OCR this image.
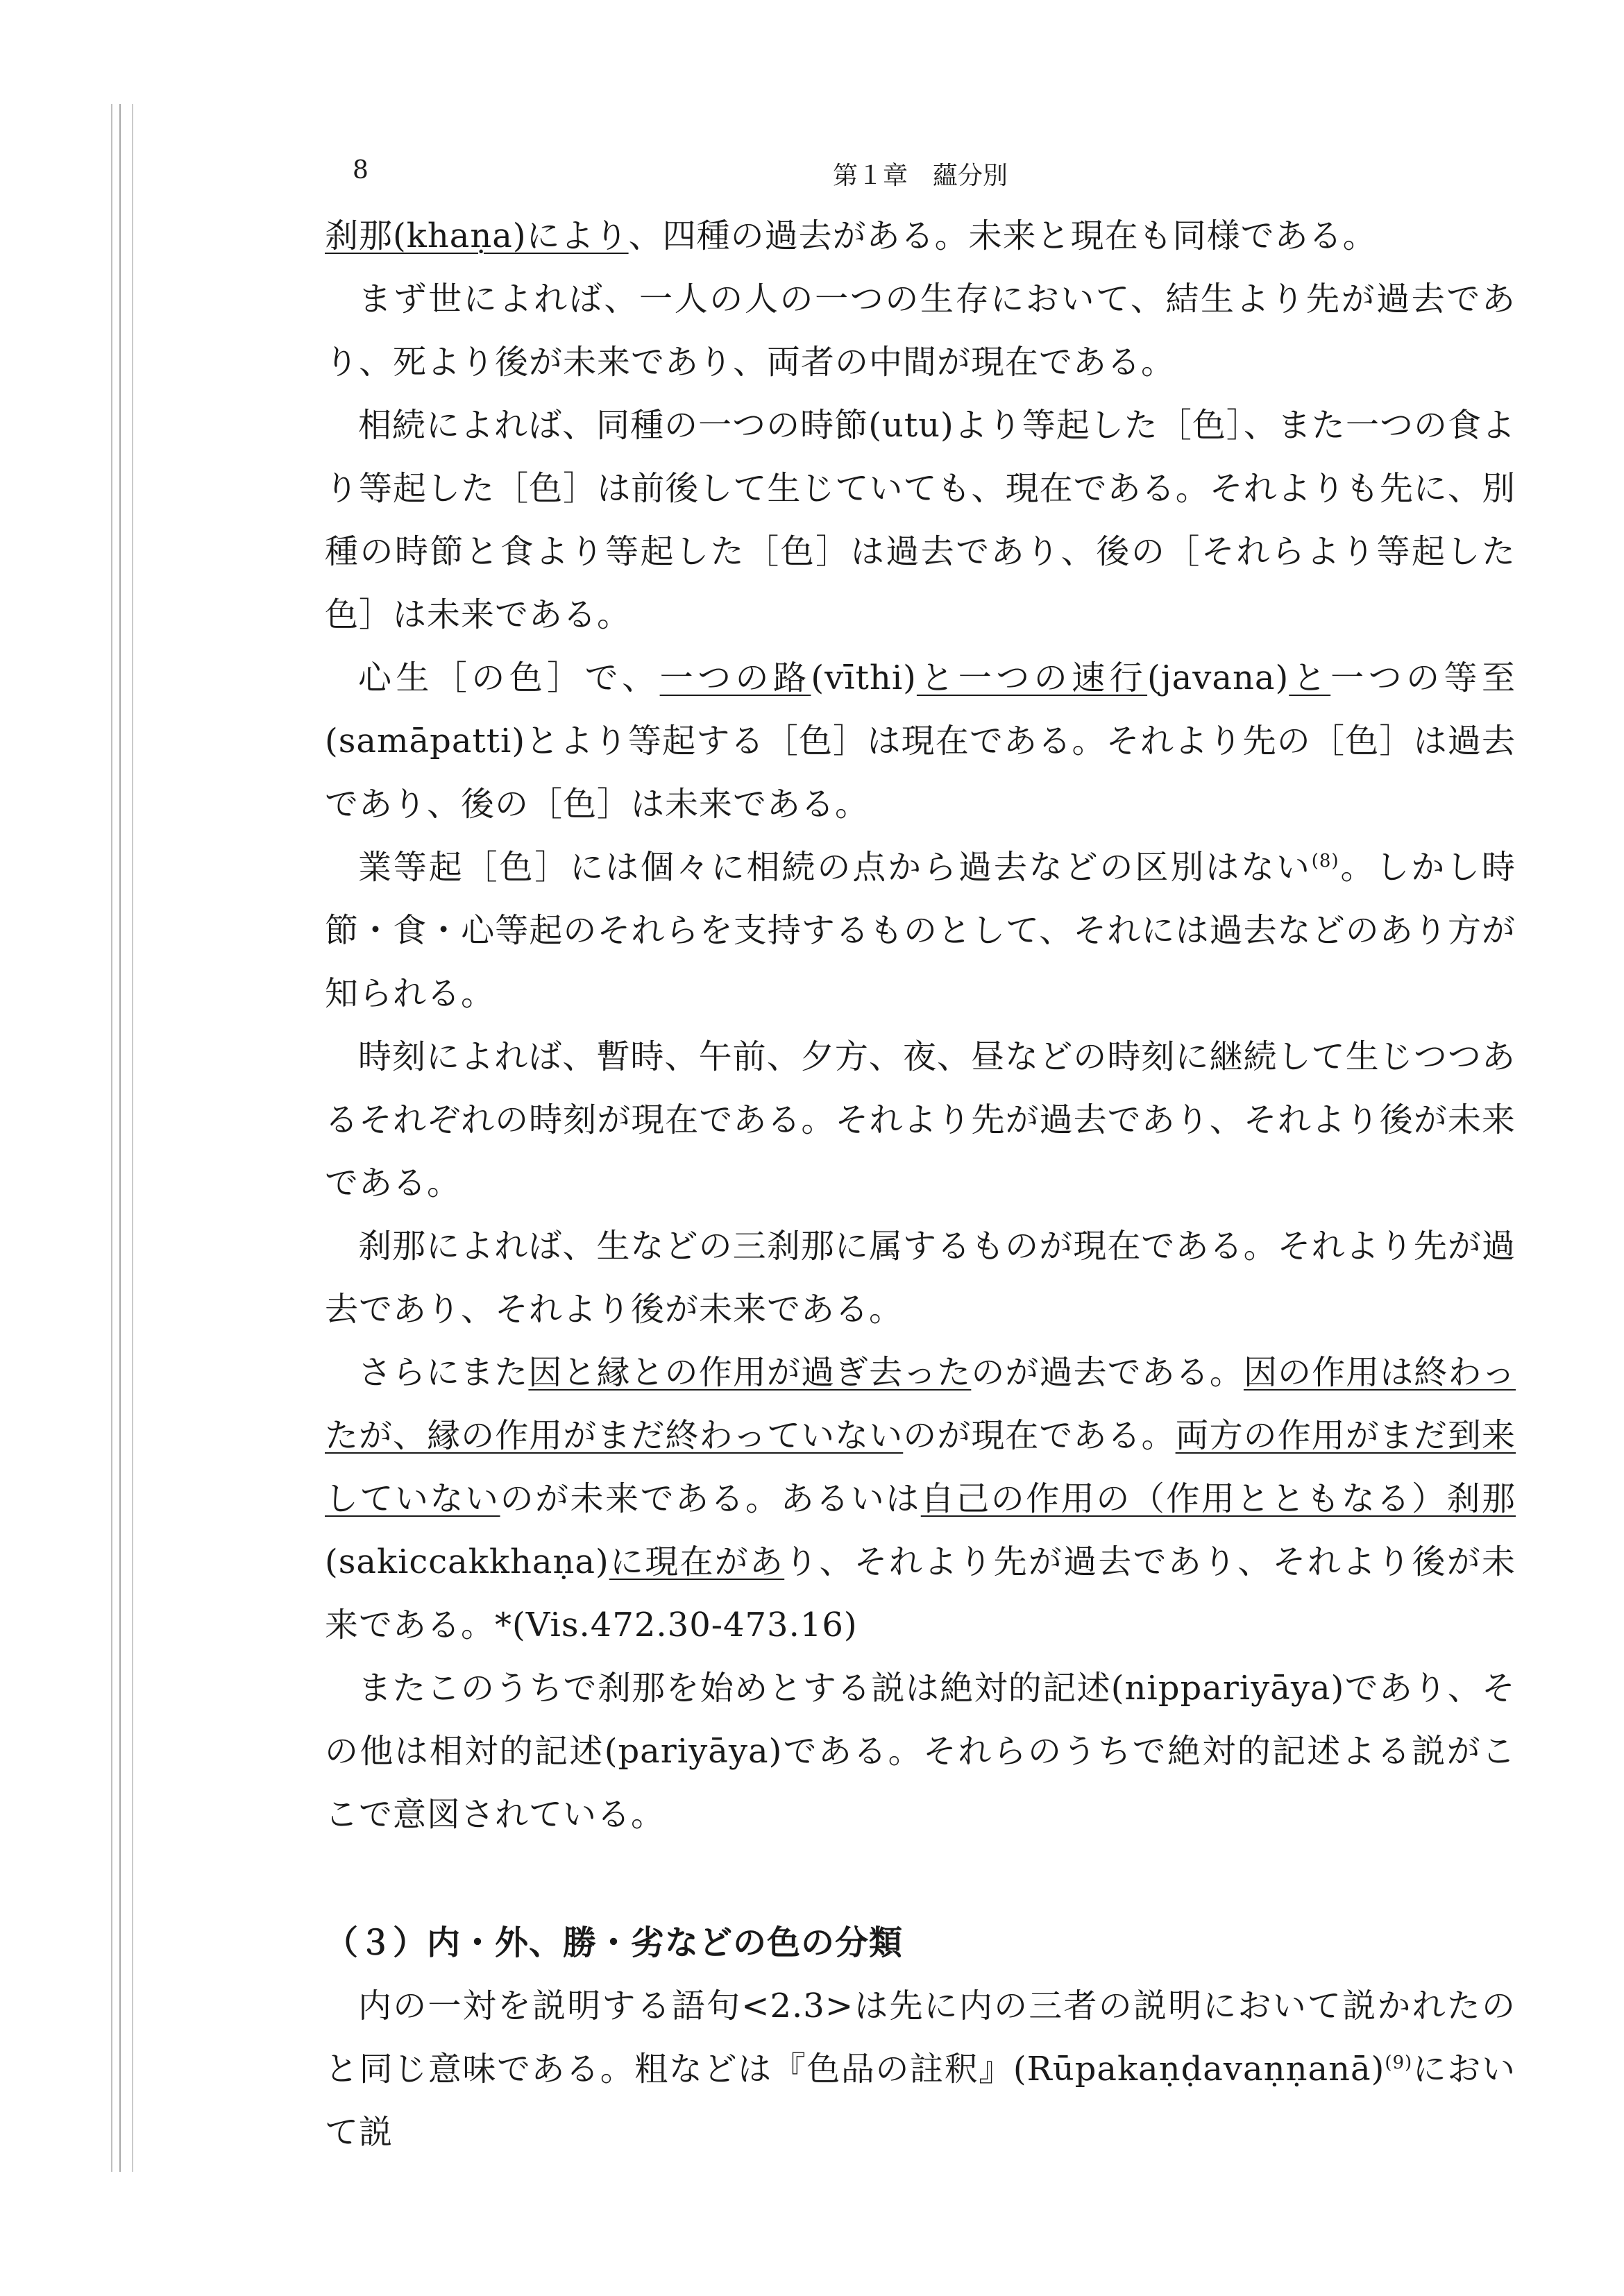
8	第１章　蘊分別

刹那(khaṇa)により、四種の過去がある。未来と現在も同様である。

まず世によれば、一人の人の一つの生存において、結生より先が過去であり、死より後が未来であり、両者の中間が現在である。

相続によれば、同種の一つの時節(utu)より等起した［色］、また一つの食より等起した［色］は前後して生じていても、現在である。それよりも先に、別種の時節と食より等起した［色］は過去であり、後の［それらより等起した色］は未来である。

心生［の色］で、一つの路(vīthi)と一つの速行(javana)と一つの等至(samāpatti)とより等起する［色］は現在である。それより先の［色］は過去であり、後の［色］は未来である。

業等起［色］には個々に相続の点から過去などの区別はない$^{(8)}$。しかし時節・食・心等起のそれらを支持するものとして、それには過去などのあり方が知られる。

時刻によれば、暫時、午前、夕方、夜、昼などの時刻に継続して生じつつあるそれぞれの時刻が現在である。それより先が過去であり、それより後が未来である。

刹那によれば、生などの三刹那に属するものが現在である。それより先が過去であり、それより後が未来である。

さらにまた因と縁との作用が過ぎ去ったのが過去である。因の作用は終わったが、縁の作用がまだ終わっていないのが現在である。両方の作用がまだ到来していないのが未来である。あるいは自己の作用の（作用とともなる）刹那(sakiccakkhaṇa)に現在があり、それより先が過去であり、それより後が未来である。*(Vis.472.30-473.16)

またこのうちで刹那を始めとする説は絶対的記述(nippariyāya)であり、その他は相対的記述(pariyāya)である。それらのうちで絶対的記述よる説がここで意図されている。

（３）内・外、勝・劣などの色の分類

内の一対を説明する語句<2.3>は先に内の三者の説明において説かれたのと同じ意味である。粗などは『色品の註釈』(Rūpakaṇḍavaṇṇanā)$^{(9)}$において説
